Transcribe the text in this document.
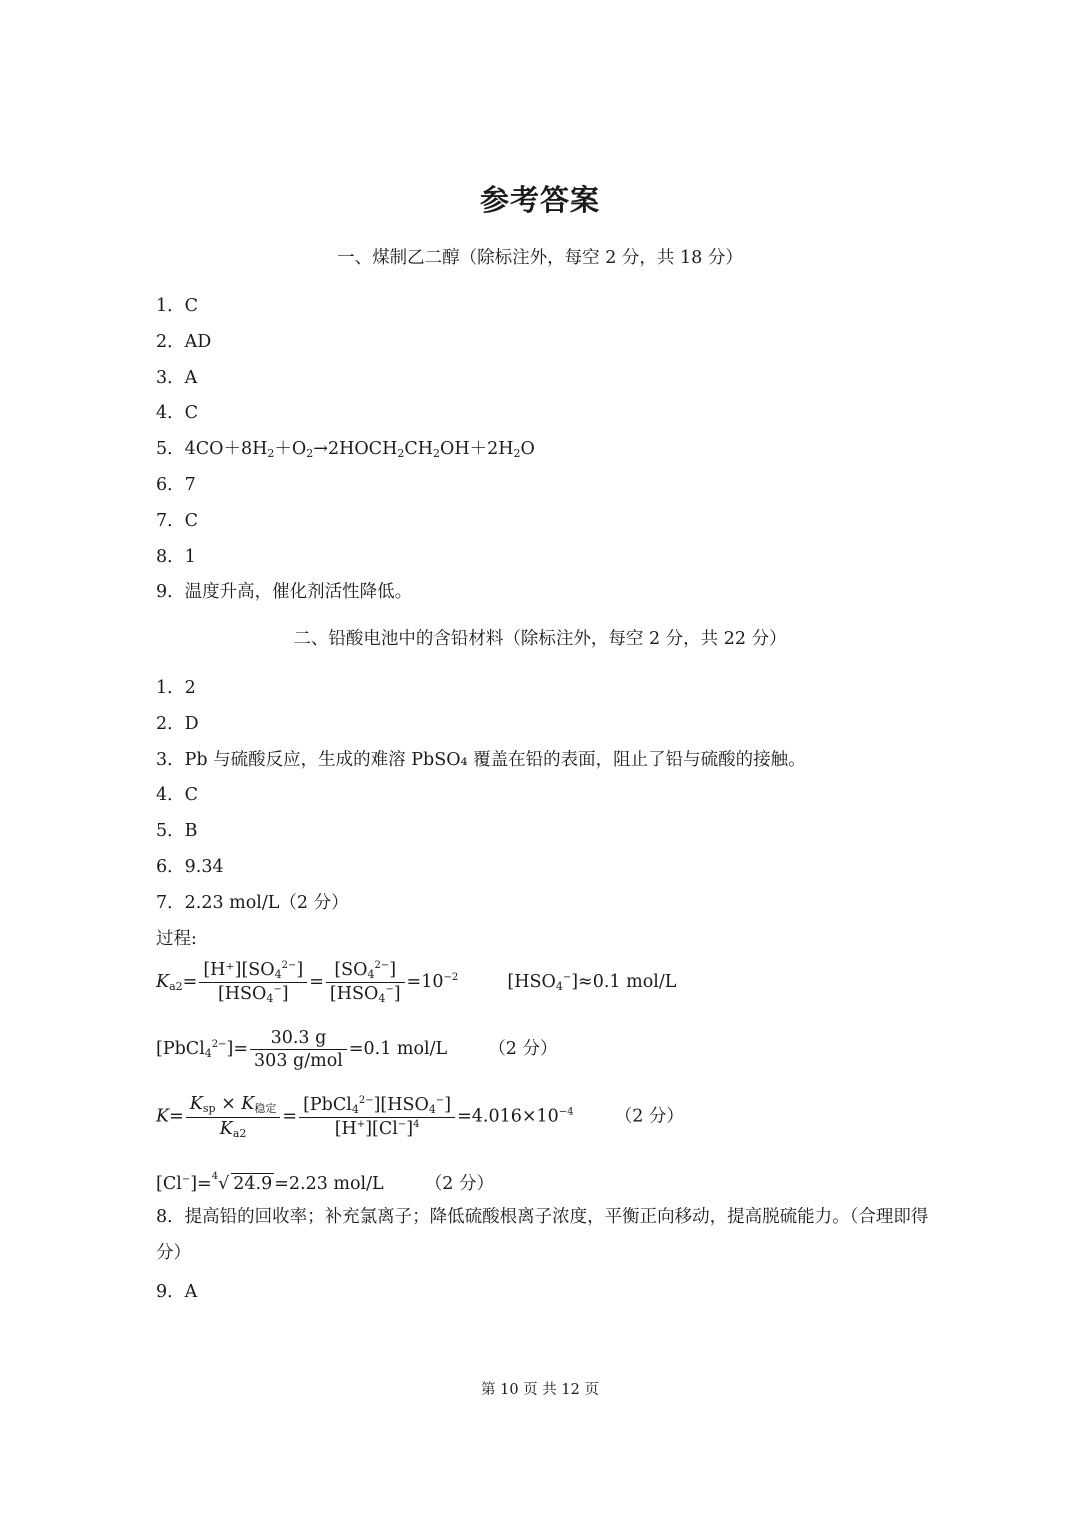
参考答案
一、煤制乙二醇（除标注外，每空 2 分，共 18 分）
1．C
2．AD
3．A
4．C
5．$4CO+8H_2+O_2\to 2HOCH_2CH_2OH+2H_2O$
6．7
7．C
8．1
9．温度升高，催化剂活性降低。
二、铅酸电池中的含铅材料（除标注外，每空 2 分，共 22 分）
1．2
2．D
3．Pb 与硫酸反应，生成的难溶 PbSO₄ 覆盖在铅的表面，阻止了铅与硫酸的接触。
4．C
5．B
6．9.34
7．2.23 mol/L（2 分）
过程:
$K_{a2}= \frac{[H^+][SO_4^{2-}]}{[HSO_4^-]} = \frac{[SO_4^{2-}]}{[HSO_4^-]} =10^{-2}$	$[HSO_4^-]\approx 0.1$ mol/L
[PbCl$_4^{2-}$]= $\frac{30.3 g}{\text{303 g/mol}} =0.1$ mol/L （2 分）
$K= \frac{K_{sp} \times K_{稳定}}{K_{a2}} = \frac{[PbCl_4^{2-}][HSO_4^-]}{[H^+][Cl^-]^4} =4.016\times 10^{-4}$ （2 分）
[Cl−]=$^4$√ 24.9 =2.23 mol/L （2 分）
8．提高铅的回收率；补充氯离子；降低硫酸根离子浓度，平衡正向移动，提高脱硫能力。（合理即得分）
9．A
第 10 页 共 12 页
